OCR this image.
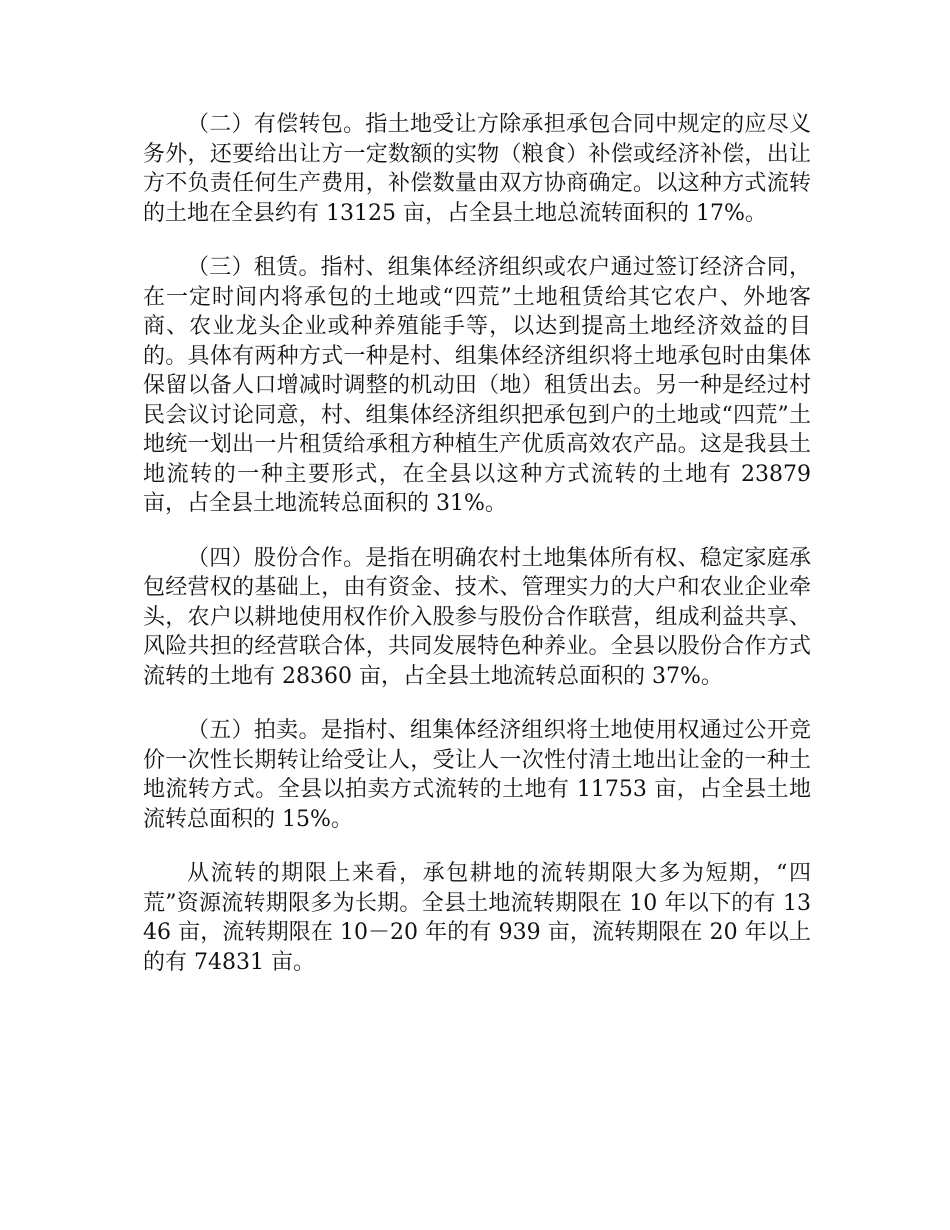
（二）有偿转包。指土地受让方除承担承包合同中规定的应尽义务外，还要给出让方一定数额的实物（粮食）补偿或经济补偿，出让方不负责任何生产费用，补偿数量由双方协商确定。以这种方式流转的土地在全县约有 13125 亩，占全县土地总流转面积的 17%。

（三）租赁。指村、组集体经济组织或农户通过签订经济合同，在一定时间内将承包的土地或“四荒”土地租赁给其它农户、外地客商、农业龙头企业或种养殖能手等，以达到提高土地经济效益的目的。具体有两种方式一种是村、组集体经济组织将土地承包时由集体保留以备人口增减时调整的机动田（地）租赁出去。另一种是经过村民会议讨论同意，村、组集体经济组织把承包到户的土地或“四荒”土地统一划出一片租赁给承租方种植生产优质高效农产品。这是我县土地流转的一种主要形式，在全县以这种方式流转的土地有 23879 亩，占全县土地流转总面积的 31%。

（四）股份合作。是指在明确农村土地集体所有权、稳定家庭承包经营权的基础上，由有资金、技术、管理实力的大户和农业企业牵头，农户以耕地使用权作价入股参与股份合作联营，组成利益共享、风险共担的经营联合体，共同发展特色种养业。全县以股份合作方式流转的土地有 28360 亩，占全县土地流转总面积的 37%。

（五）拍卖。是指村、组集体经济组织将土地使用权通过公开竞价一次性长期转让给受让人，受让人一次性付清土地出让金的一种土地流转方式。全县以拍卖方式流转的土地有 11753 亩，占全县土地流转总面积的 15%。

从流转的期限上来看，承包耕地的流转期限大多为短期，“四荒”资源流转期限多为长期。全县土地流转期限在 10 年以下的有 1346 亩，流转期限在 10－20 年的有 939 亩，流转期限在 20 年以上的有 74831 亩。
